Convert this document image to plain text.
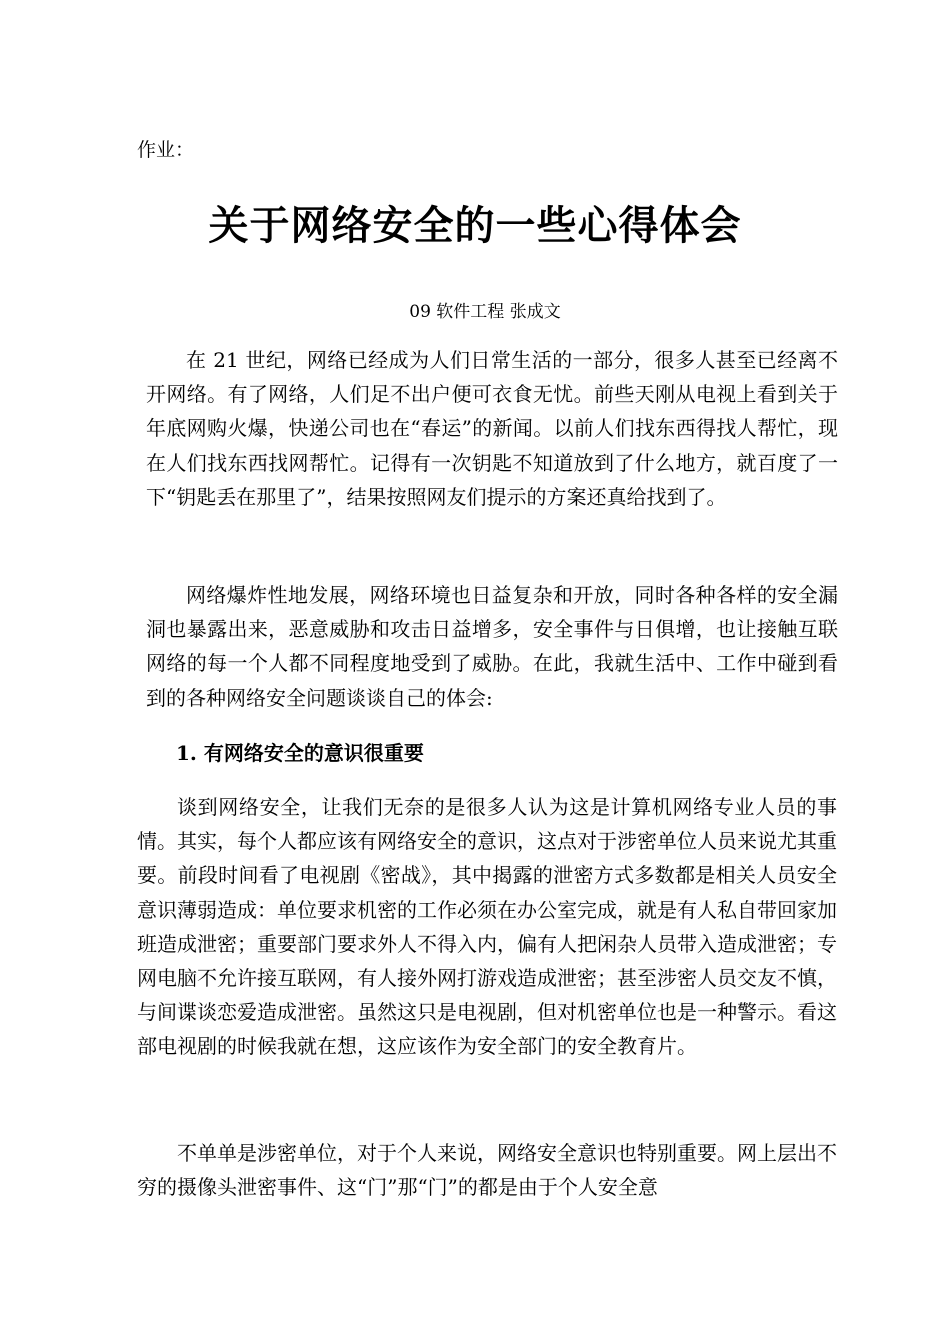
作业：
关于网络安全的一些心得体会
09 软件工程 张成文

在 21 世纪，网络已经成为人们日常生活的一部分，很多人甚至已经离不开网络。有了网络，人们足不出户便可衣食无忧。前些天刚从电视上看到关于年底网购火爆，快递公司也在“春运”的新闻。以前人们找东西得找人帮忙，现在人们找东西找网帮忙。记得有一次钥匙不知道放到了什么地方，就百度了一下“钥匙丢在那里了”，结果按照网友们提示的方案还真给找到了。

网络爆炸性地发展，网络环境也日益复杂和开放，同时各种各样的安全漏洞也暴露出来，恶意威胁和攻击日益增多，安全事件与日俱增，也让接触互联网络的每一个人都不同程度地受到了威胁。在此，我就生活中、工作中碰到看到的各种网络安全问题谈谈自己的体会:

1. 有网络安全的意识很重要

谈到网络安全，让我们无奈的是很多人认为这是计算机网络专业人员的事情。其实，每个人都应该有网络安全的意识，这点对于涉密单位人员来说尤其重要。前段时间看了电视剧《密战》，其中揭露的泄密方式多数都是相关人员安全意识薄弱造成：单位要求机密的工作必须在办公室完成，就是有人私自带回家加班造成泄密；重要部门要求外人不得入内，偏有人把闲杂人员带入造成泄密；专网电脑不允许接互联网，有人接外网打游戏造成泄密；甚至涉密人员交友不慎，与间谍谈恋爱造成泄密。虽然这只是电视剧，但对机密单位也是一种警示。看这部电视剧的时候我就在想，这应该作为安全部门的安全教育片。

不单单是涉密单位，对于个人来说，网络安全意识也特别重要。网上层出不穷的摄像头泄密事件、这“门”那“门”的都是由于个人安全意
